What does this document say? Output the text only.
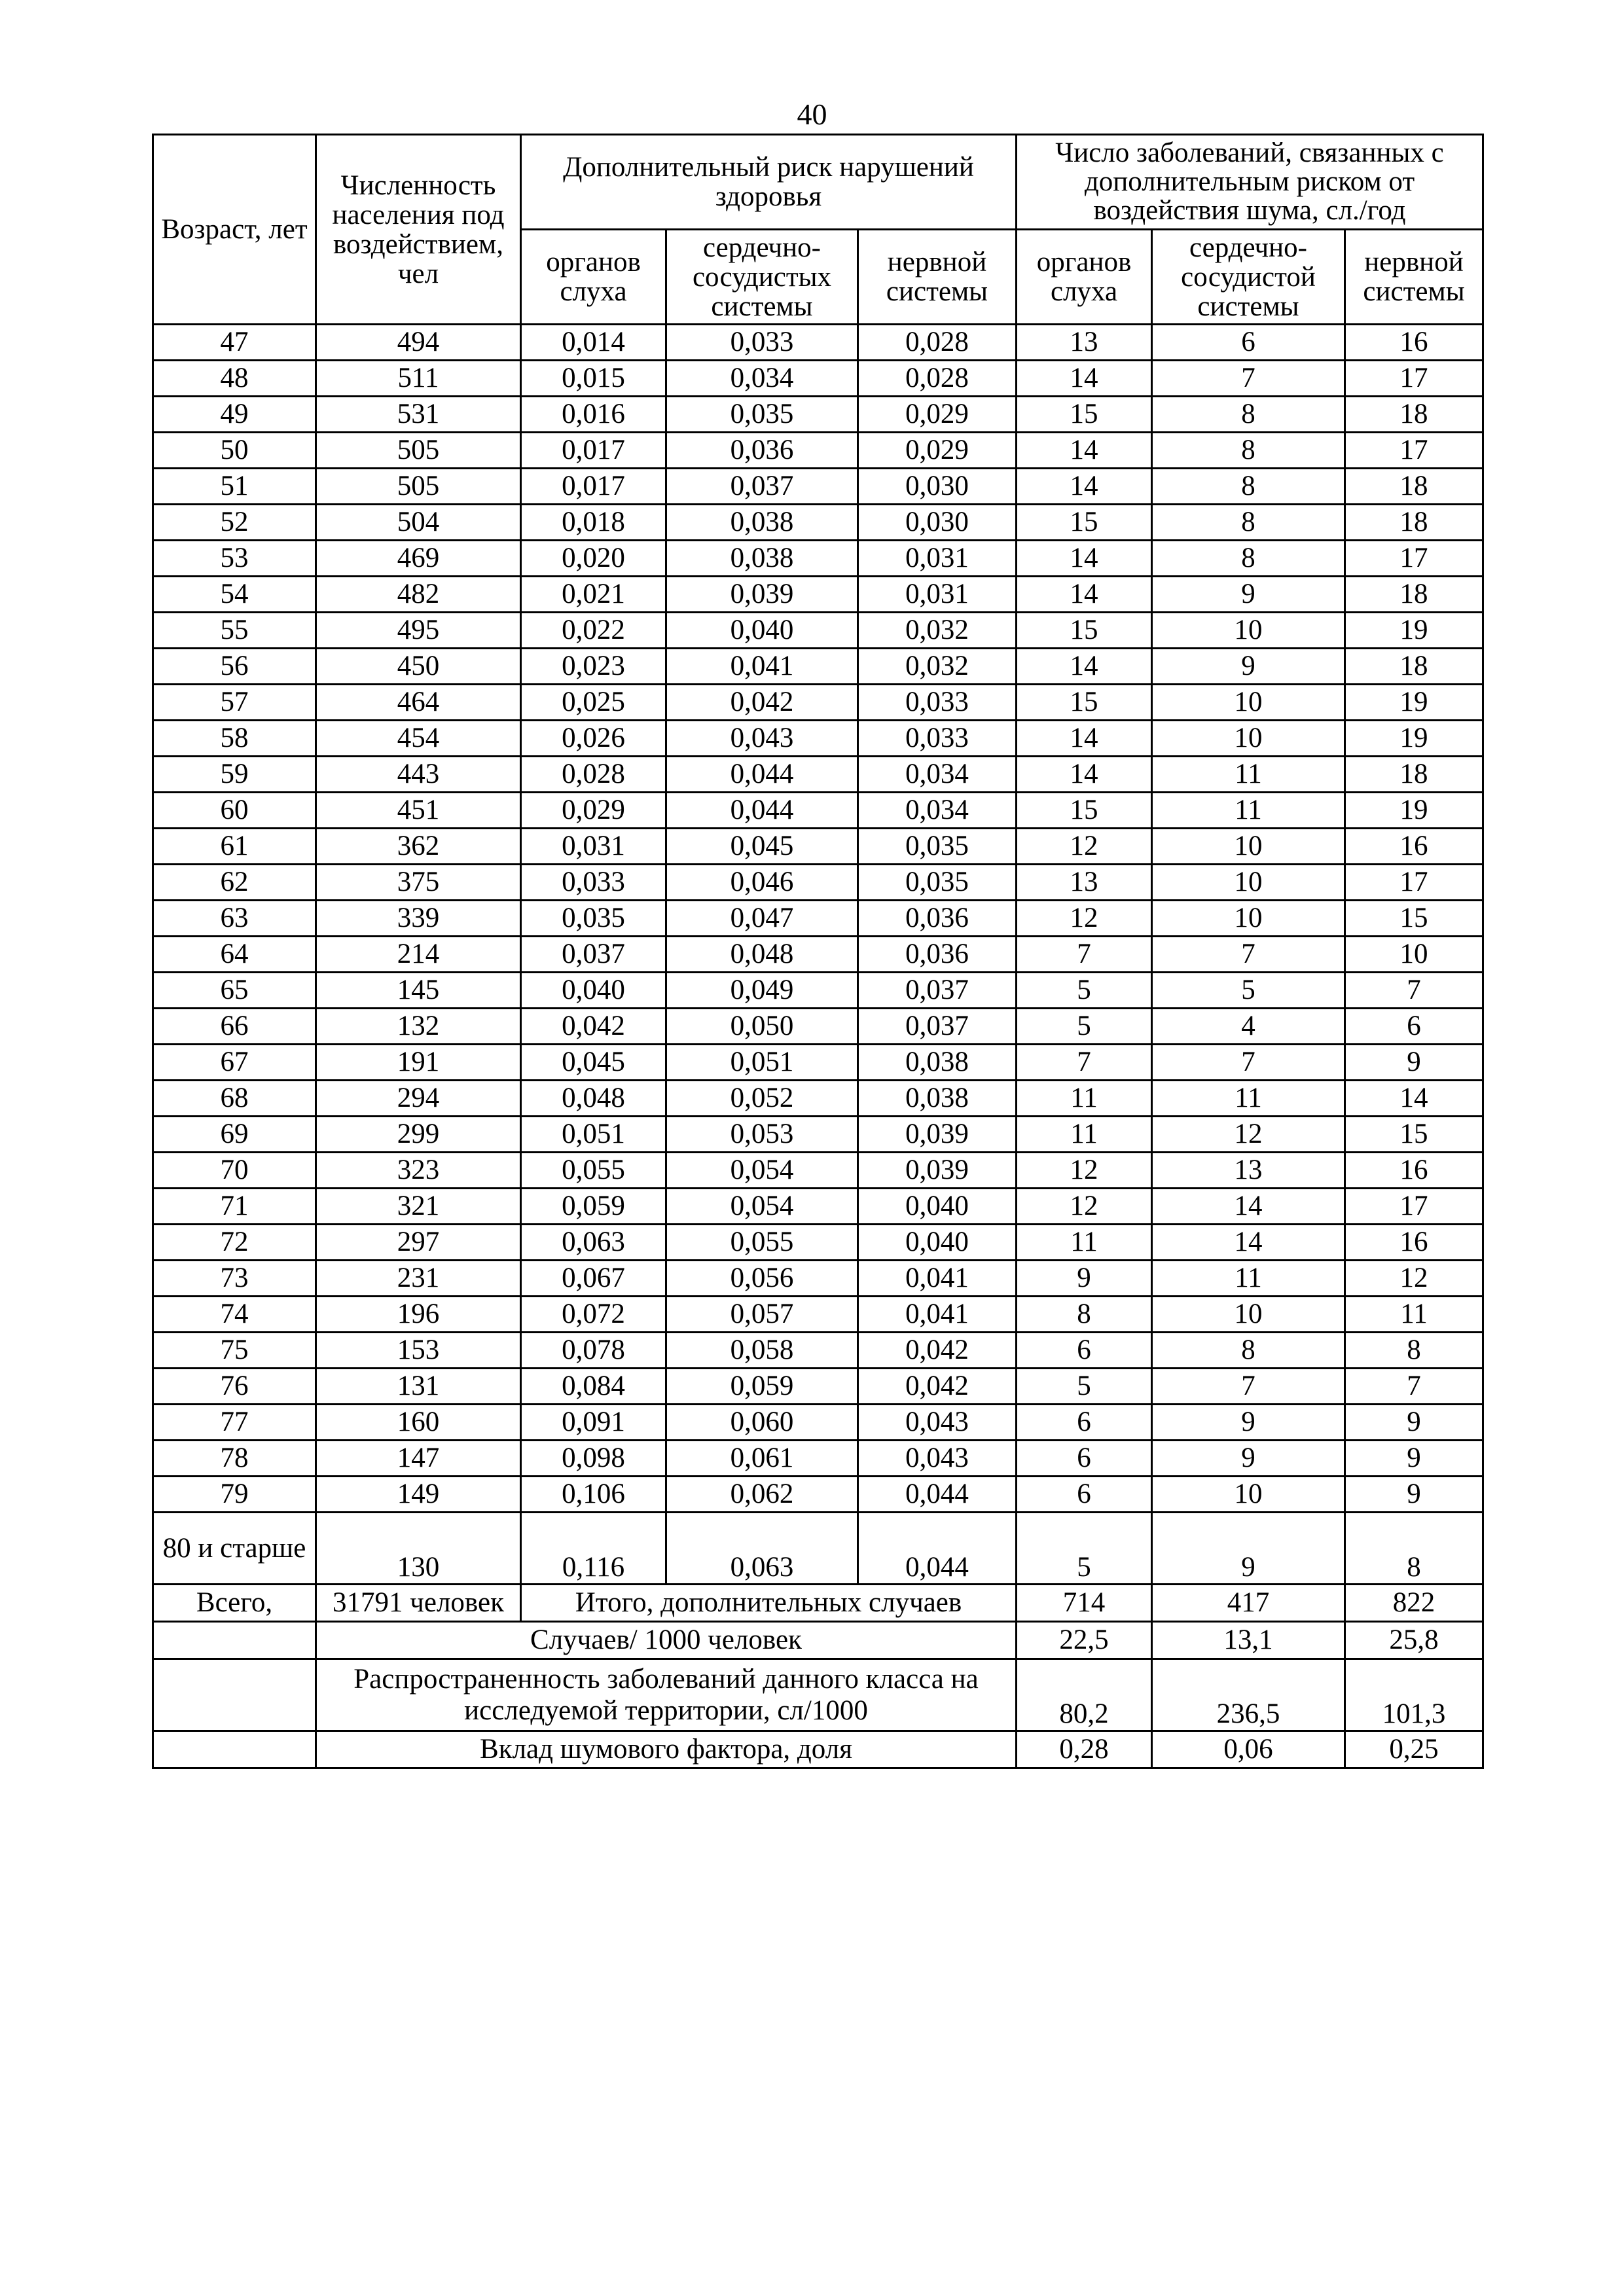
40
Возраст, лет	Численность населения под воздействием, чел	Дополнительный риск нарушений здоровья			Число заболеваний, связанных с дополнительным риском от воздействия шума, сл./год		
		органов слуха	сердечно-сосудистых системы	нервной системы	органов слуха	сердечно-сосудистой системы	нервной системы
47	494	0,014	0,033	0,028	13	6	16
48	511	0,015	0,034	0,028	14	7	17
49	531	0,016	0,035	0,029	15	8	18
50	505	0,017	0,036	0,029	14	8	17
51	505	0,017	0,037	0,030	14	8	18
52	504	0,018	0,038	0,030	15	8	18
53	469	0,020	0,038	0,031	14	8	17
54	482	0,021	0,039	0,031	14	9	18
55	495	0,022	0,040	0,032	15	10	19
56	450	0,023	0,041	0,032	14	9	18
57	464	0,025	0,042	0,033	15	10	19
58	454	0,026	0,043	0,033	14	10	19
59	443	0,028	0,044	0,034	14	11	18
60	451	0,029	0,044	0,034	15	11	19
61	362	0,031	0,045	0,035	12	10	16
62	375	0,033	0,046	0,035	13	10	17
63	339	0,035	0,047	0,036	12	10	15
64	214	0,037	0,048	0,036	7	7	10
65	145	0,040	0,049	0,037	5	5	7
66	132	0,042	0,050	0,037	5	4	6
67	191	0,045	0,051	0,038	7	7	9
68	294	0,048	0,052	0,038	11	11	14
69	299	0,051	0,053	0,039	11	12	15
70	323	0,055	0,054	0,039	12	13	16
71	321	0,059	0,054	0,040	12	14	17
72	297	0,063	0,055	0,040	11	14	16
73	231	0,067	0,056	0,041	9	11	12
74	196	0,072	0,057	0,041	8	10	11
75	153	0,078	0,058	0,042	6	8	8
76	131	0,084	0,059	0,042	5	7	7
77	160	0,091	0,060	0,043	6	9	9
78	147	0,098	0,061	0,043	6	9	9
79	149	0,106	0,062	0,044	6	10	9
80 и старше	130	0,116	0,063	0,044	5	9	8
Всего,	31791 человек	Итого, дополнительных случаев			714	417	822
	Случаев/ 1000 человек				22,5	13,1	25,8
	Распространенность заболеваний данного класса на исследуемой территории, сл/1000				80,2	236,5	101,3
	Вклад шумового фактора, доля				0,28	0,06	0,25
